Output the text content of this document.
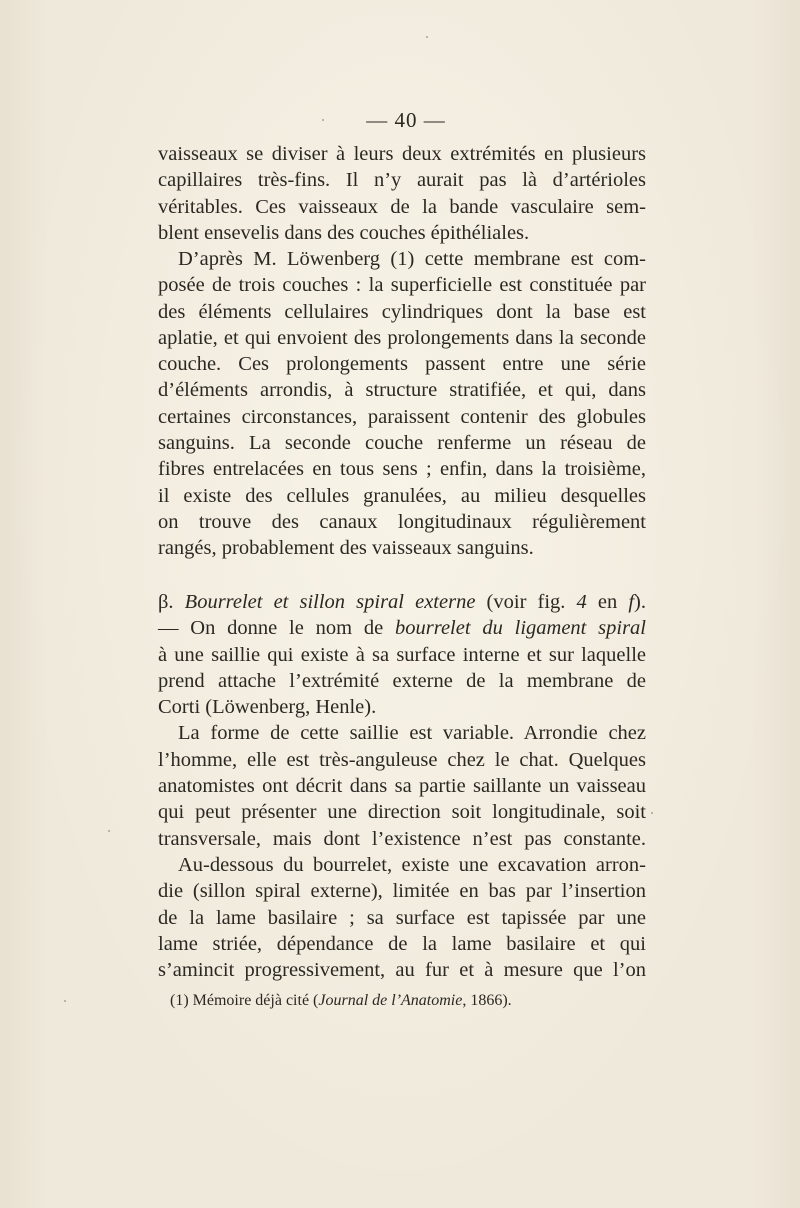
— 40 —
vaisseaux se diviser à leurs deux extrémités en plusieurs
capillaires très-fins. Il n’y aurait pas là d’artérioles
véritables. Ces vaisseaux de la bande vasculaire sem-
blent ensevelis dans des couches épithéliales.
D’après M. Löwenberg (1) cette membrane est com-
posée de trois couches : la superficielle est constituée par
des éléments cellulaires cylindriques dont la base est
aplatie, et qui envoient des prolongements dans la seconde
couche. Ces prolongements passent entre une série
d’éléments arrondis, à structure stratifiée, et qui, dans
certaines circonstances, paraissent contenir des globules
sanguins. La seconde couche renferme un réseau de
fibres entrelacées en tous sens ; enfin, dans la troisième,
il existe des cellules granulées, au milieu desquelles
on trouve des canaux longitudinaux régulièrement
rangés, probablement des vaisseaux sanguins.
β. Bourrelet et sillon spiral externe (voir fig. 4 en f).
— On donne le nom de bourrelet du ligament spiral
à une saillie qui existe à sa surface interne et sur laquelle
prend attache l’extrémité externe de la membrane de
Corti (Löwenberg, Henle).
La forme de cette saillie est variable. Arrondie chez
l’homme, elle est très-anguleuse chez le chat. Quelques
anatomistes ont décrit dans sa partie saillante un vaisseau
qui peut présenter une direction soit longitudinale, soit
transversale, mais dont l’existence n’est pas constante.
Au-dessous du bourrelet, existe une excavation arron-
die (sillon spiral externe), limitée en bas par l’insertion
de la lame basilaire ; sa surface est tapissée par une
lame striée, dépendance de la lame basilaire et qui
s’amincit progressivement, au fur et à mesure que l’on
(1) Mémoire déjà cité (Journal de l’Anatomie, 1866).
